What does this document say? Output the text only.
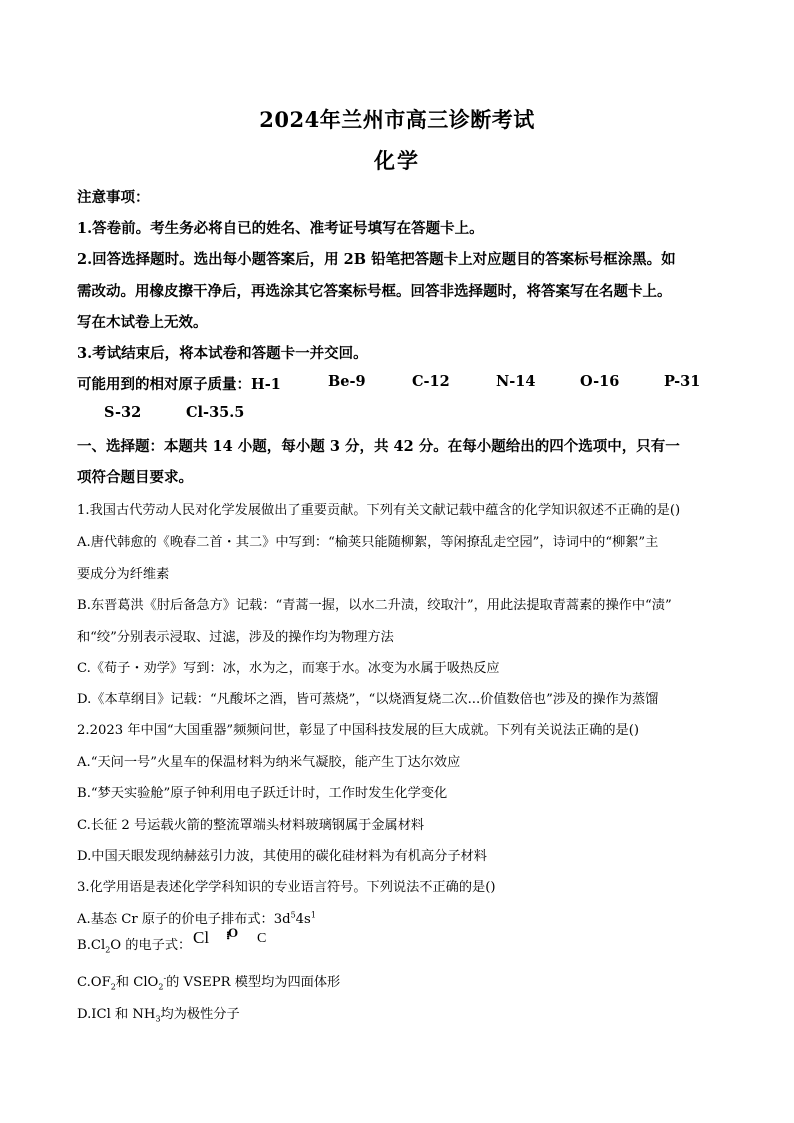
2024年兰州市高三诊断考试
化学
注意事项：
1.答卷前。考生务必将自已的姓名、准考证号填写在答题卡上。
2.回答选择题时。选出每小题答案后，用 2B 铅笔把答题卡上对应题目的答案标号框涂黑。如
需改动。用橡皮擦干净后，再选涂其它答案标号框。回答非选择题时，将答案写在名题卡上。
写在木试卷上无效。
3.考试结束后，将本试卷和答题卡一并交回。
可能用到的相对原子质量：H-1	Be-9	C-12	N-14	O-16	P-31
S-32	Cl-35.5
一、选择题：本题共 14 小题，每小题 3 分，共 42 分。在每小题给出的四个选项中，只有一
项符合题目要求。
1.我国古代劳动人民对化学发展做出了重要贡献。下列有关文献记载中蕴含的化学知识叙述不正确的是()
A.唐代韩愈的《晚春二首・其二》中写到：“榆荚只能随柳絮，等闲撩乱走空园”，诗词中的“柳絮”主
要成分为纤维素
B.东晋葛洪《肘后备急方》记载：“青蒿一握，以水二升渍，绞取汁”，用此法提取青蒿素的操作中“渍”
和“绞”分别表示浸取、过滤，涉及的操作均为物理方法
C.《荀子・劝学》写到：冰，水为之，而寒于水。冰变为水属于吸热反应
D.《本草纲目》记载：“凡酸坏之酒，皆可蒸烧”，“以烧酒复烧二次...价值数倍也”涉及的操作为蒸馏
2.2023 年中国“大国重器”频频问世，彰显了中国科技发展的巨大成就。下列有关说法正确的是()
A.“天问一号”火星车的保温材料为纳米气凝胶，能产生丁达尔效应
B.“梦天实验舱”原子钟利用电子跃迁计时，工作时发生化学变化
C.长征 2 号运载火箭的整流罩端头材料玻璃钢属于金属材料
D.中国天眼发现纳赫兹引力波，其使用的碳化硅材料为有机高分子材料
3.化学用语是表述化学学科知识的专业语言符号。下列说法不正确的是()
A.基态 Cr 原子的价电子排布式：$3d^54s^1$
$B.Cl_2O$ 的电子式： Cl O
⁞⁞ C
$C.OF_2$和 ClO$_2$-的 VSEPR 模型均为四面体形
D.ICl 和 $NH_3$均为极性分子
